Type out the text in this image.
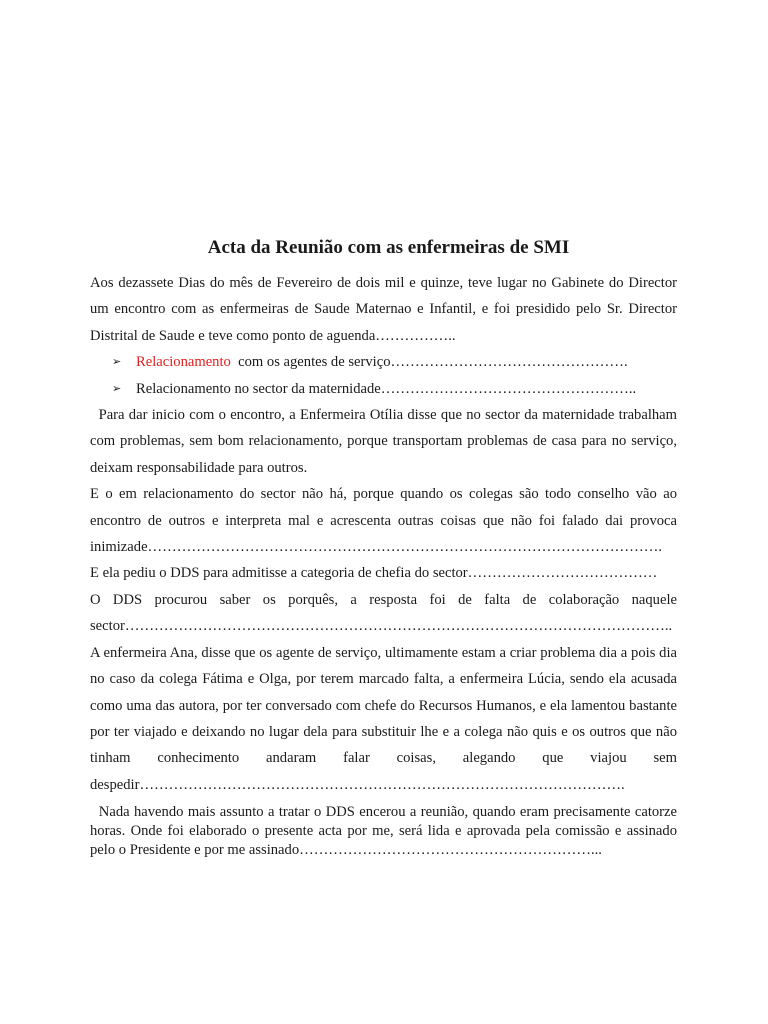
Acta da Reunião com as enfermeiras de SMI

Aos dezassete Dias do mês de Fevereiro de dois mil e quinze, teve lugar no Gabinete do Director um encontro com as enfermeiras de Saude Maternao e Infantil, e foi presidido pelo Sr. Director Distrital de Saude e teve como ponto de aguenda……………..

➢ Relacionamento  com os agentes de serviço………………………………………….
➢ Relacionamento no sector da maternidade……………………………………………..

Para dar inicio com o encontro, a Enfermeira Otília disse que no sector da maternidade trabalham com problemas, sem bom relacionamento, porque transportam problemas de casa para no serviço, deixam responsabilidade para outros.

E o em relacionamento do sector não há, porque quando os colegas são todo conselho vão ao encontro de outros e interpreta mal e acrescenta outras coisas que não foi falado dai provoca inimizade…………………………………………………………………………………………….

E ela pediu o DDS para admitisse a categoria de chefia do sector…………………………………

O DDS procurou saber os porquês, a resposta foi de falta de colaboração naquele sector…………………………………………………………………………………………………..

A enfermeira Ana, disse que os agente de serviço, ultimamente estam a criar problema dia a pois dia no caso da colega Fátima e Olga, por terem marcado falta, a enfermeira Lúcia, sendo ela acusada como uma das autora, por ter conversado com chefe do Recursos Humanos, e ela lamentou bastante por ter viajado e deixando no lugar dela para substituir lhe e a colega não quis e os outros que não tinham conhecimento andaram falar coisas, alegando que viajou sem despedir……………………………………………………………………………………….

Nada havendo mais assunto a tratar o DDS encerou a reunião, quando eram precisamente catorze horas. Onde foi elaborado o presente acta por me, será lida e aprovada pela comissão e assinado pelo o Presidente e por me assinado……………………………………………………...
